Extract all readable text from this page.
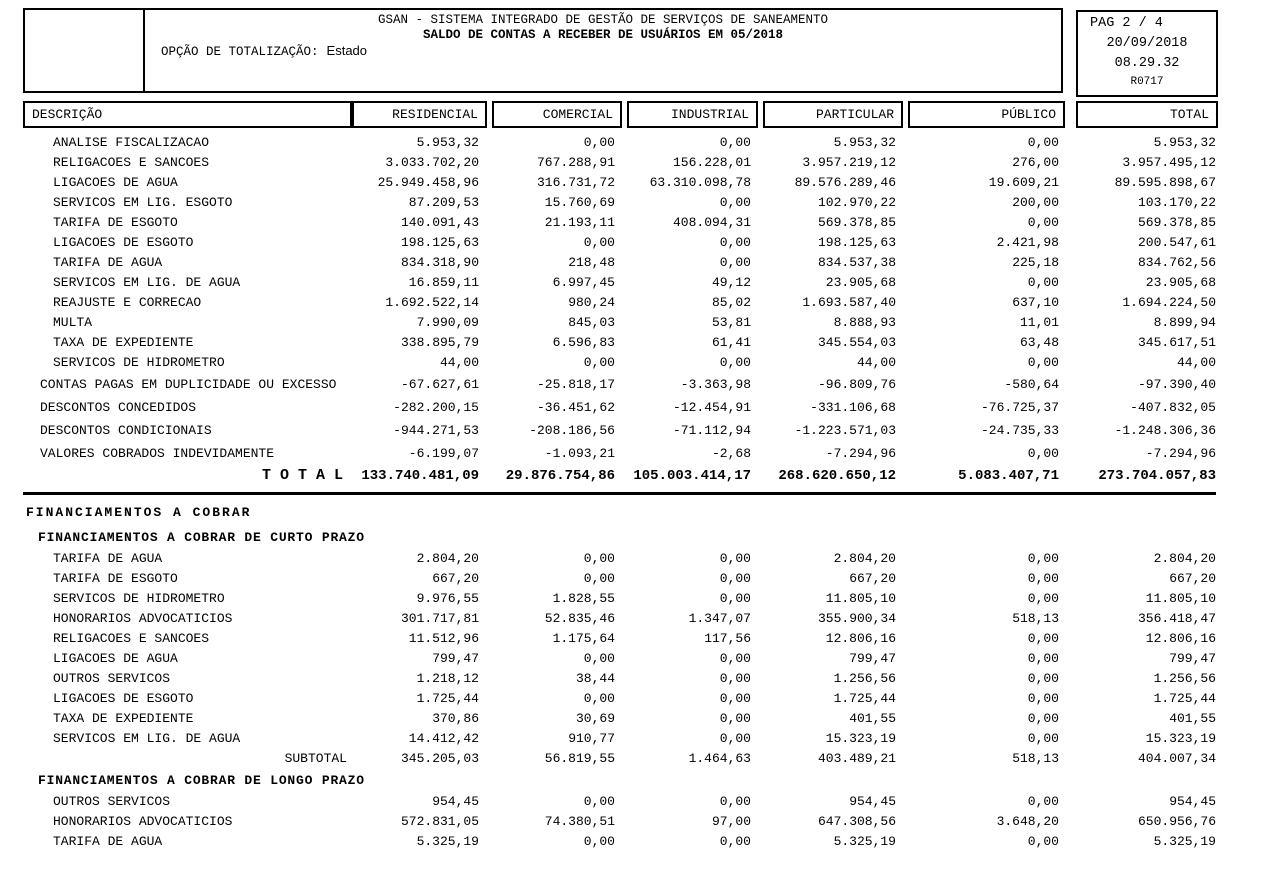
GSAN - SISTEMA INTEGRADO DE GESTÃO DE SERVIÇOS DE SANEAMENTO
SALDO DE CONTAS A RECEBER DE USUÁRIOS EM 05/2018
OPÇÃO DE TOTALIZAÇÃO: Estado
PAG 2 / 4
20/09/2018
08.29.32
R0717
DESCRIÇÃO	RESIDENCIAL	COMERCIAL	INDUSTRIAL	PARTICULAR	PÚBLICO	TOTAL
ANALISE FISCALIZACAO	5.953,32	0,00	0,00	5.953,32	0,00	5.953,32
RELIGACOES E SANCOES	3.033.702,20	767.288,91	156.228,01	3.957.219,12	276,00	3.957.495,12
LIGACOES DE AGUA	25.949.458,96	316.731,72	63.310.098,78	89.576.289,46	19.609,21	89.595.898,67
SERVICOS EM LIG. ESGOTO	87.209,53	15.760,69	0,00	102.970,22	200,00	103.170,22
TARIFA DE ESGOTO	140.091,43	21.193,11	408.094,31	569.378,85	0,00	569.378,85
LIGACOES DE ESGOTO	198.125,63	0,00	0,00	198.125,63	2.421,98	200.547,61
TARIFA DE AGUA	834.318,90	218,48	0,00	834.537,38	225,18	834.762,56
SERVICOS EM LIG. DE AGUA	16.859,11	6.997,45	49,12	23.905,68	0,00	23.905,68
REAJUSTE E CORRECAO	1.692.522,14	980,24	85,02	1.693.587,40	637,10	1.694.224,50
MULTA	7.990,09	845,03	53,81	8.888,93	11,01	8.899,94
TAXA DE EXPEDIENTE	338.895,79	6.596,83	61,41	345.554,03	63,48	345.617,51
SERVICOS DE HIDROMETRO	44,00	0,00	0,00	44,00	0,00	44,00
CONTAS PAGAS EM DUPLICIDADE OU EXCESSO	-67.627,61	-25.818,17	-3.363,98	-96.809,76	-580,64	-97.390,40
DESCONTOS CONCEDIDOS	-282.200,15	-36.451,62	-12.454,91	-331.106,68	-76.725,37	-407.832,05
DESCONTOS CONDICIONAIS	-944.271,53	-208.186,56	-71.112,94	-1.223.571,03	-24.735,33	-1.248.306,36
VALORES COBRADOS INDEVIDAMENTE	-6.199,07	-1.093,21	-2,68	-7.294,96	0,00	-7.294,96
T O T A L	133.740.481,09	29.876.754,86	105.003.414,17	268.620.650,12	5.083.407,71	273.704.057,83
FINANCIAMENTOS A COBRAR
FINANCIAMENTOS A COBRAR DE CURTO PRAZO
TARIFA DE AGUA	2.804,20	0,00	0,00	2.804,20	0,00	2.804,20
TARIFA DE ESGOTO	667,20	0,00	0,00	667,20	0,00	667,20
SERVICOS DE HIDROMETRO	9.976,55	1.828,55	0,00	11.805,10	0,00	11.805,10
HONORARIOS ADVOCATICIOS	301.717,81	52.835,46	1.347,07	355.900,34	518,13	356.418,47
RELIGACOES E SANCOES	11.512,96	1.175,64	117,56	12.806,16	0,00	12.806,16
LIGACOES DE AGUA	799,47	0,00	0,00	799,47	0,00	799,47
OUTROS SERVICOS	1.218,12	38,44	0,00	1.256,56	0,00	1.256,56
LIGACOES DE ESGOTO	1.725,44	0,00	0,00	1.725,44	0,00	1.725,44
TAXA DE EXPEDIENTE	370,86	30,69	0,00	401,55	0,00	401,55
SERVICOS EM LIG. DE AGUA	14.412,42	910,77	0,00	15.323,19	0,00	15.323,19
SUBTOTAL	345.205,03	56.819,55	1.464,63	403.489,21	518,13	404.007,34
FINANCIAMENTOS A COBRAR DE LONGO PRAZO
OUTROS SERVICOS	954,45	0,00	0,00	954,45	0,00	954,45
HONORARIOS ADVOCATICIOS	572.831,05	74.380,51	97,00	647.308,56	3.648,20	650.956,76
TARIFA DE AGUA	5.325,19	0,00	0,00	5.325,19	0,00	5.325,19
